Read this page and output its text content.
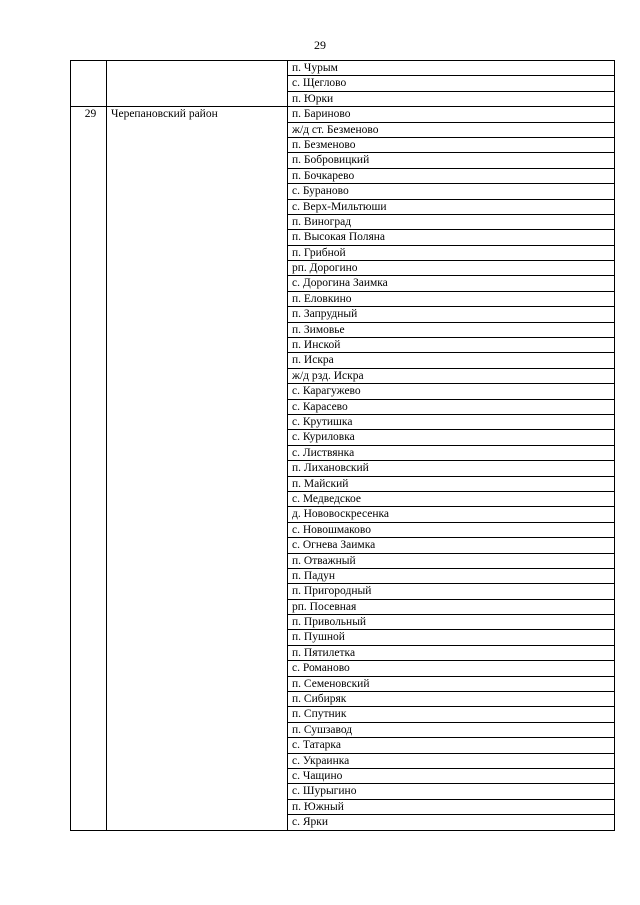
29
		п. Чурым
		с. Щеглово
		п. Юрки
29	Черепановский район	п. Бариново
		ж/д ст. Безменово
		п. Безменово
		п. Бобровицкий
		п. Бочкарево
		с. Бураново
		с. Верх-Мильтюши
		п. Виноград
		п. Высокая Поляна
		п. Грибной
		рп. Дорогино
		с. Дорогина Заимка
		п. Еловкино
		п. Запрудный
		п. Зимовье
		п. Инской
		п. Искра
		ж/д рзд. Искра
		с. Карагужево
		с. Карасево
		с. Крутишка
		с. Куриловка
		с. Листвянка
		п. Лихановский
		п. Майский
		с. Медведское
		д. Нововоскресенка
		с. Новошмаково
		с. Огнева Заимка
		п. Отважный
		п. Падун
		п. Пригородный
		рп. Посевная
		п. Привольный
		п. Пушной
		п. Пятилетка
		с. Романово
		п. Семеновский
		п. Сибиряк
		п. Спутник
		п. Сушзавод
		с. Татарка
		с. Украинка
		с. Чащино
		с. Шурыгино
		п. Южный
		с. Ярки
